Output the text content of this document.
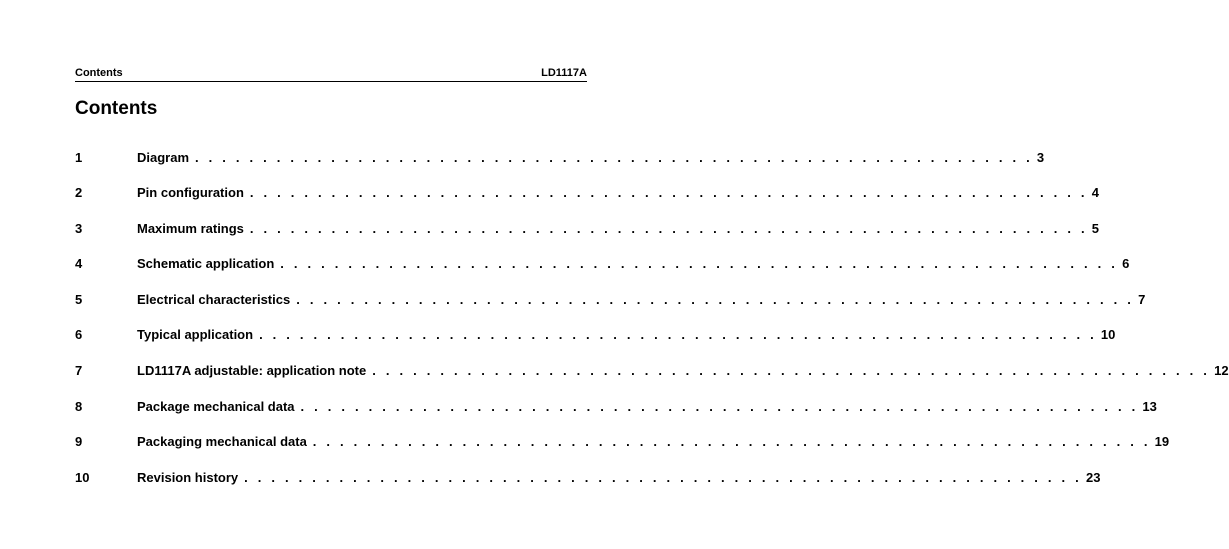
Contents	LD1117A
Contents
1	Diagram . . . . . . . . . . . . . . . . . . . . . . . . . . . . . . . . . . . . . . . . . . . . . . . . . . . . . . . . . . . . . . 3
2	Pin configuration . . . . . . . . . . . . . . . . . . . . . . . . . . . . . . . . . . . . . . . . . . . . . . . . . . . . . . . . . . . . . . 4
3	Maximum ratings . . . . . . . . . . . . . . . . . . . . . . . . . . . . . . . . . . . . . . . . . . . . . . . . . . . . . . . . . . . . . . 5
4	Schematic application . . . . . . . . . . . . . . . . . . . . . . . . . . . . . . . . . . . . . . . . . . . . . . . . . . . . . . . . . . . . . . 6
5	Electrical characteristics . . . . . . . . . . . . . . . . . . . . . . . . . . . . . . . . . . . . . . . . . . . . . . . . . . . . . . . . . . . . . . 7
6	Typical application . . . . . . . . . . . . . . . . . . . . . . . . . . . . . . . . . . . . . . . . . . . . . . . . . . . . . . . . . . . . . . 10
7	LD1117A adjustable: application note . . . . . . . . . . . . . . . . . . . . . . . . . . . . . . . . . . . . . . . . . . . . . . . . . . . . . . . . . . . . . . 12
8	Package mechanical data . . . . . . . . . . . . . . . . . . . . . . . . . . . . . . . . . . . . . . . . . . . . . . . . . . . . . . . . . . . . . . 13
9	Packaging mechanical data . . . . . . . . . . . . . . . . . . . . . . . . . . . . . . . . . . . . . . . . . . . . . . . . . . . . . . . . . . . . . . 19
10	Revision history . . . . . . . . . . . . . . . . . . . . . . . . . . . . . . . . . . . . . . . . . . . . . . . . . . . . . . . . . . . . . . 23
